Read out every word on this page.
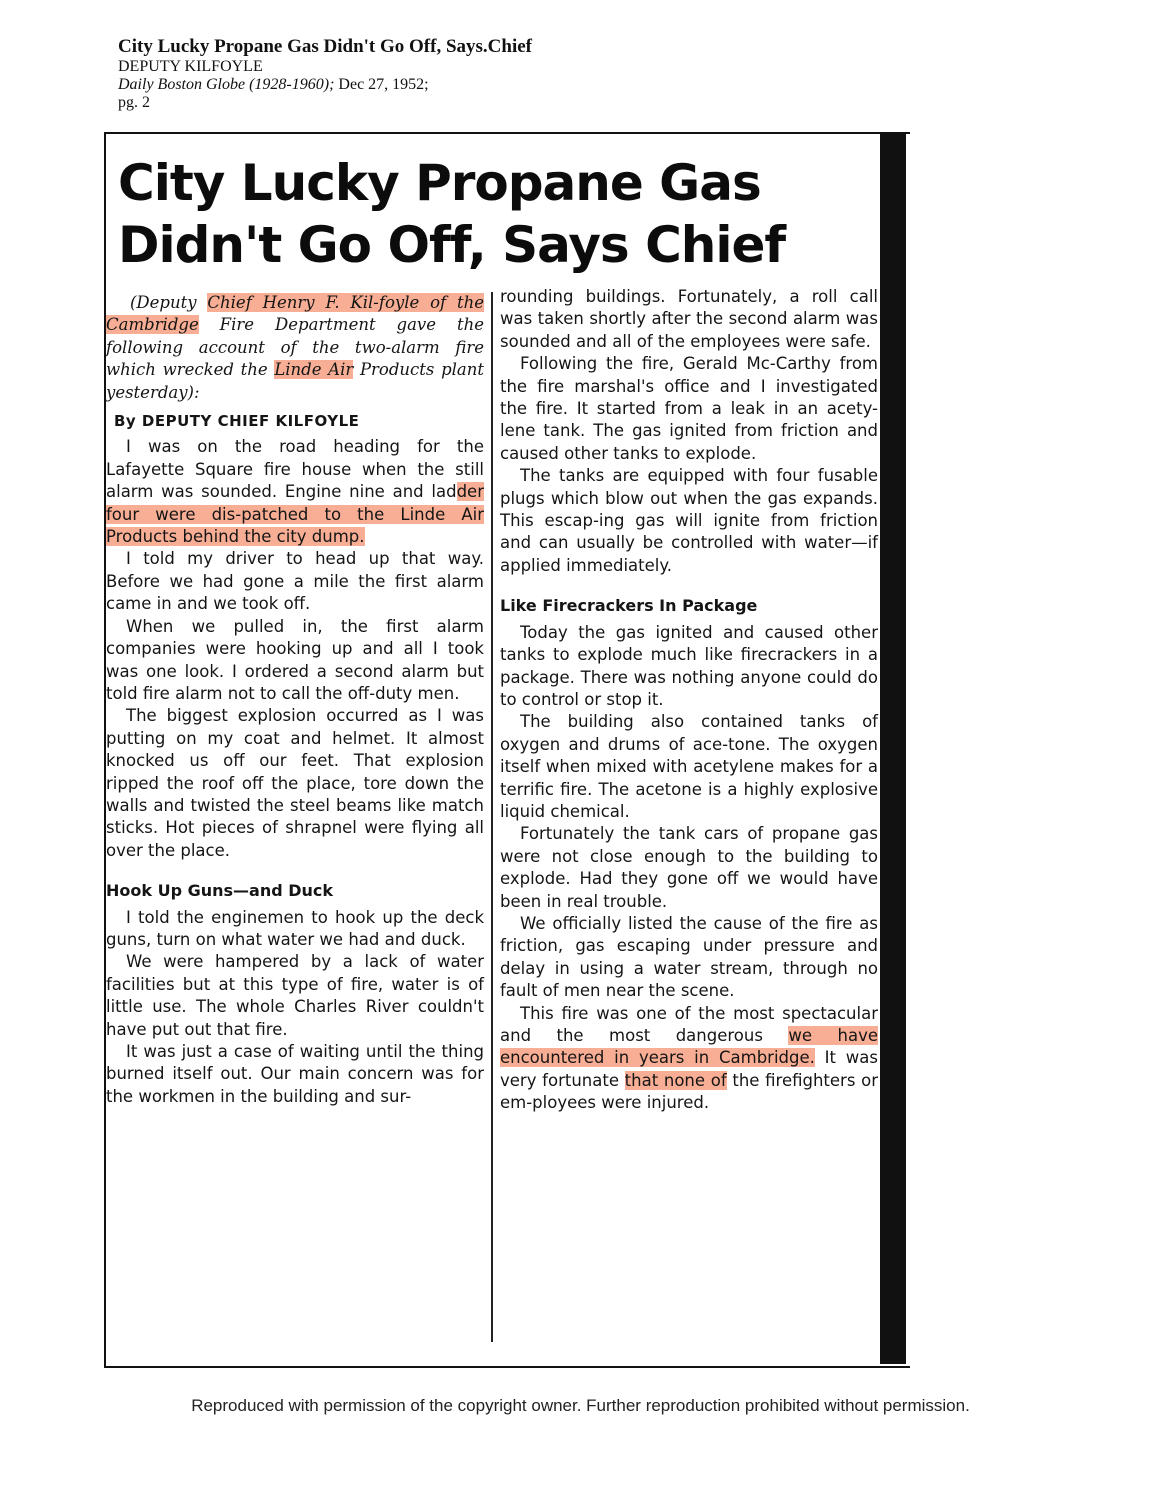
City Lucky Propane Gas Didn't Go Off, Says.Chief
DEPUTY KILFOYLE
Daily Boston Globe (1928-1960); Dec 27, 1952;
pg. 2
City Lucky Propane Gas
Didn't Go Off, Says Chief

(Deputy Chief Henry F. Kil-foyle of the Cambridge Fire Department gave the following account of the two-alarm fire which wrecked the Linde Air Products plant yesterday):

By DEPUTY CHIEF KILFOYLE

I was on the road heading for the Lafayette Square fire house when the still alarm was sounded. Engine nine and ladder four were dis-patched to the Linde Air Products behind the city dump.

I told my driver to head up that way. Before we had gone a mile the first alarm came in and we took off.

When we pulled in, the first alarm companies were hooking up and all I took was one look. I ordered a second alarm but told fire alarm not to call the off-duty men.

The biggest explosion occurred as I was putting on my coat and helmet. It almost knocked us off our feet. That explosion ripped the roof off the place, tore down the walls and twisted the steel beams like match sticks. Hot pieces of shrapnel were flying all over the place.

Hook Up Guns—and Duck

I told the enginemen to hook up the deck guns, turn on what water we had and duck.

We were hampered by a lack of water facilities but at this type of fire, water is of little use. The whole Charles River couldn't have put out that fire.

It was just a case of waiting until the thing burned itself out. Our main concern was for the workmen in the building and sur-

rounding buildings. Fortunately, a roll call was taken shortly after the second alarm was sounded and all of the employees were safe.

Following the fire, Gerald Mc-Carthy from the fire marshal's office and I investigated the fire. It started from a leak in an acety-lene tank. The gas ignited from friction and caused other tanks to explode.

The tanks are equipped with four fusable plugs which blow out when the gas expands. This escap-ing gas will ignite from friction and can usually be controlled with water—if applied immediately.

Like Firecrackers In Package

Today the gas ignited and caused other tanks to explode much like firecrackers in a package. There was nothing anyone could do to control or stop it.

The building also contained tanks of oxygen and drums of ace-tone. The oxygen itself when mixed with acetylene makes for a terrific fire. The acetone is a highly explosive liquid chemical.

Fortunately the tank cars of propane gas were not close enough to the building to explode. Had they gone off we would have been in real trouble.

We officially listed the cause of the fire as friction, gas escaping under pressure and delay in using a water stream, through no fault of men near the scene.

This fire was one of the most spectacular and the most dangerous we have encountered in years in Cambridge. It was very fortunate that none of the firefighters or em-ployees were injured.

Reproduced with permission of the copyright owner. Further reproduction prohibited without permission.
